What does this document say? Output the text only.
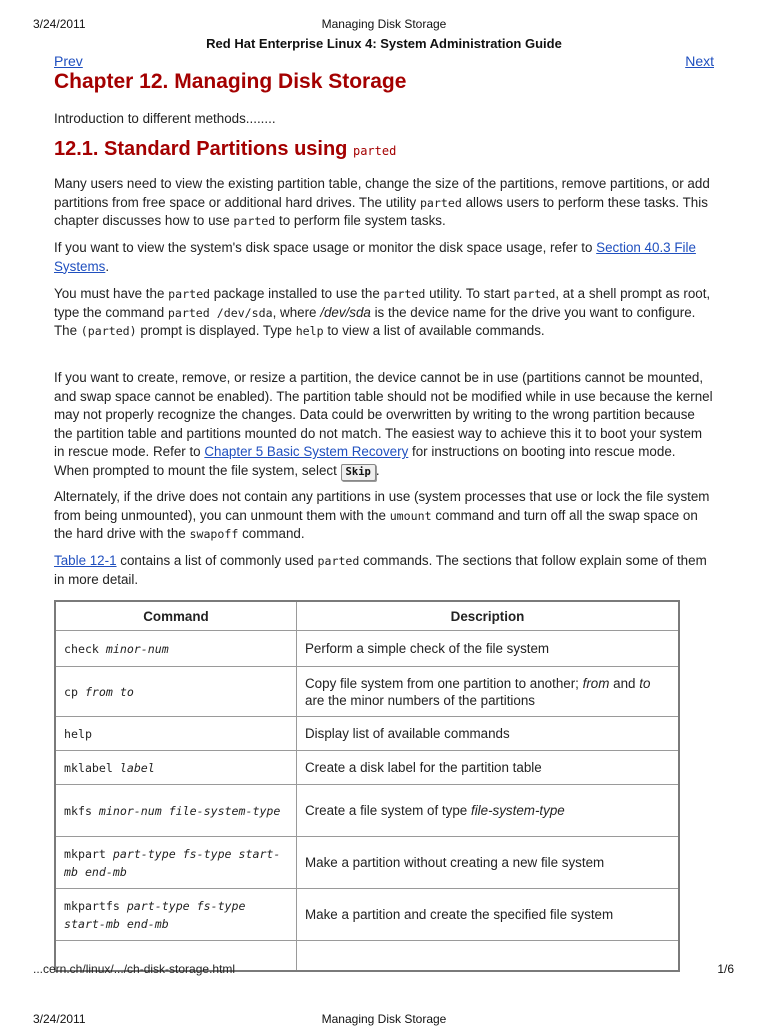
3/24/2011	Managing Disk Storage
Red Hat Enterprise Linux 4: System Administration Guide
Prev	Next
Chapter 12. Managing Disk Storage
Introduction to different methods........
12.1. Standard Partitions using parted

Many users need to view the existing partition table, change the size of the partitions, remove partitions, or add partitions from free space or additional hard drives. The utility parted allows users to perform these tasks. This chapter discusses how to use parted to perform file system tasks.

If you want to view the system's disk space usage or monitor the disk space usage, refer to Section 40.3 File Systems.

You must have the parted package installed to use the parted utility. To start parted, at a shell prompt as root, type the command parted /dev/sda, where /dev/sda is the device name for the drive you want to configure. The (parted) prompt is displayed. Type help to view a list of available commands.

If you want to create, remove, or resize a partition, the device cannot be in use (partitions cannot be mounted, and swap space cannot be enabled). The partition table should not be modified while in use because the kernel may not properly recognize the changes. Data could be overwritten by writing to the wrong partition because the partition table and partitions mounted do not match. The easiest way to achieve this it to boot your system in rescue mode. Refer to Chapter 5 Basic System Recovery for instructions on booting into rescue mode. When prompted to mount the file system, select Skip .

Alternately, if the drive does not contain any partitions in use (system processes that use or lock the file system from being unmounted), you can unmount them with the umount command and turn off all the swap space on the hard drive with the swapoff command.

Table 12-1 contains a list of commonly used parted commands. The sections that follow explain some of them in more detail.

Command	Description
check minor-num	Perform a simple check of the file system
cp from to	Copy file system from one partition to another; from and to are the minor numbers of the partitions
help	Display list of available commands
mklabel label	Create a disk label for the partition table
mkfs minor-num file-system-type	Create a file system of type file-system-type
mkpart part-type fs-type start-mb end-mb	Make a partition without creating a new file system
mkpartfs part-type fs-type start-mb end-mb	Make a partition and create the specified file system

...cern.ch/linux/.../ch-disk-storage.html	1/6
3/24/2011	Managing Disk Storage
